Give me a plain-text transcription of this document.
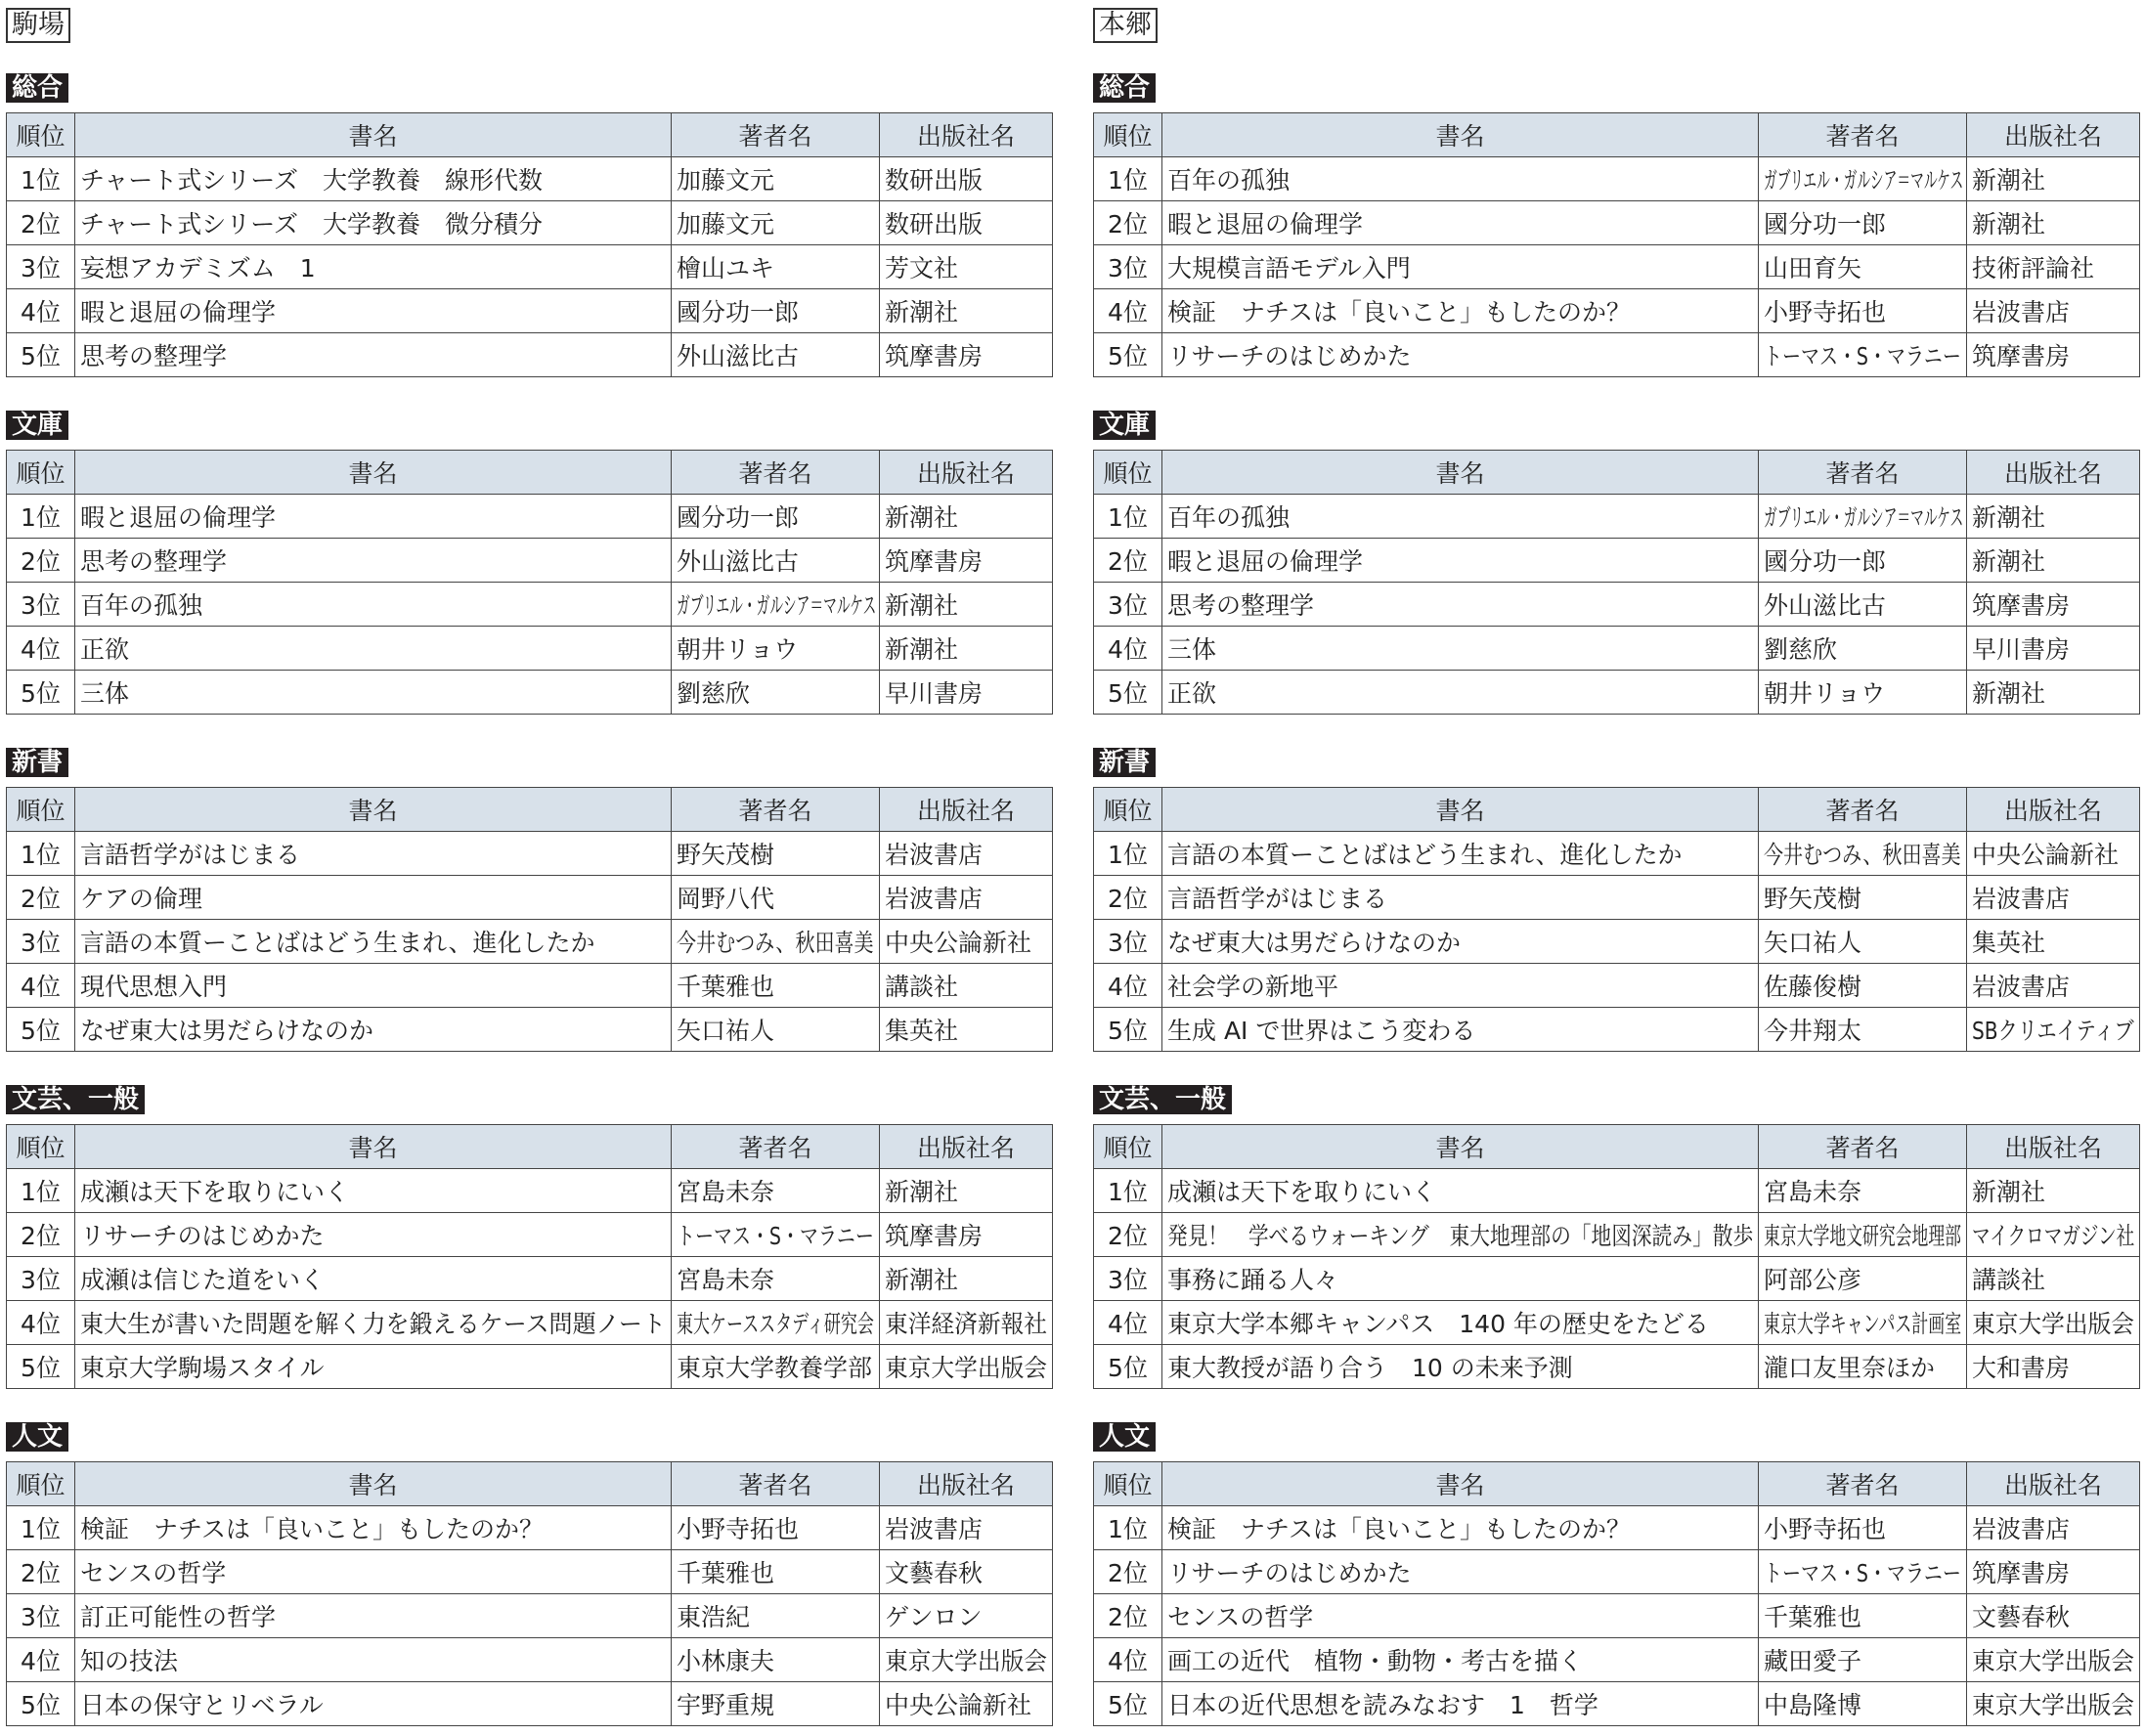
駒場
総合
順位	書名	著者名	出版社名
1位	チャート式シリーズ　大学教養　線形代数	加藤文元	数研出版
2位	チャート式シリーズ　大学教養　微分積分	加藤文元	数研出版
3位	妄想アカデミズム　1	檜山ユキ	芳文社
4位	暇と退屈の倫理学	國分功一郎	新潮社
5位	思考の整理学	外山滋比古	筑摩書房
文庫
順位	書名	著者名	出版社名
1位	暇と退屈の倫理学	國分功一郎	新潮社
2位	思考の整理学	外山滋比古	筑摩書房
3位	百年の孤独	ガブリエル・ガルシア＝マルケス	新潮社
4位	正欲	朝井リョウ	新潮社
5位	三体	劉慈欣	早川書房
新書
順位	書名	著者名	出版社名
1位	言語哲学がはじまる	野矢茂樹	岩波書店
2位	ケアの倫理	岡野八代	岩波書店
3位	言語の本質ーことばはどう生まれ、進化したか	今井むつみ、秋田喜美	中央公論新社
4位	現代思想入門	千葉雅也	講談社
5位	なぜ東大は男だらけなのか	矢口祐人	集英社
文芸、一般
順位	書名	著者名	出版社名
1位	成瀬は天下を取りにいく	宮島未奈	新潮社
2位	リサーチのはじめかた	トーマス・S・マラニー	筑摩書房
3位	成瀬は信じた道をいく	宮島未奈	新潮社
4位	東大生が書いた問題を解く力を鍛えるケース問題ノート	東大ケーススタディ研究会	東洋経済新報社
5位	東京大学駒場スタイル	東京大学教養学部	東京大学出版会
人文
順位	書名	著者名	出版社名
1位	検証　ナチスは「良いこと」もしたのか？	小野寺拓也	岩波書店
2位	センスの哲学	千葉雅也	文藝春秋
3位	訂正可能性の哲学	東浩紀	ゲンロン
4位	知の技法	小林康夫	東京大学出版会
5位	日本の保守とリベラル	宇野重規	中央公論新社
本郷
総合
順位	書名	著者名	出版社名
1位	百年の孤独	ガブリエル・ガルシア＝マルケス	新潮社
2位	暇と退屈の倫理学	國分功一郎	新潮社
3位	大規模言語モデル入門	山田育矢	技術評論社
4位	検証　ナチスは「良いこと」もしたのか？	小野寺拓也	岩波書店
5位	リサーチのはじめかた	トーマス・S・マラニー	筑摩書房
文庫
順位	書名	著者名	出版社名
1位	百年の孤独	ガブリエル・ガルシア＝マルケス	新潮社
2位	暇と退屈の倫理学	國分功一郎	新潮社
3位	思考の整理学	外山滋比古	筑摩書房
4位	三体	劉慈欣	早川書房
5位	正欲	朝井リョウ	新潮社
新書
順位	書名	著者名	出版社名
1位	言語の本質ーことばはどう生まれ、進化したか	今井むつみ、秋田喜美	中央公論新社
2位	言語哲学がはじまる	野矢茂樹	岩波書店
3位	なぜ東大は男だらけなのか	矢口祐人	集英社
4位	社会学の新地平	佐藤俊樹	岩波書店
5位	生成 AI で世界はこう変わる	今井翔太	SBクリエイティブ
文芸、一般
順位	書名	著者名	出版社名
1位	成瀬は天下を取りにいく	宮島未奈	新潮社
2位	発見！　学べるウォーキング　東大地理部の「地図深読み」散歩	東京大学地文研究会地理部	マイクロマガジン社
3位	事務に踊る人々	阿部公彦	講談社
4位	東京大学本郷キャンパス　140 年の歴史をたどる	東京大学キャンパス計画室	東京大学出版会
5位	東大教授が語り合う　10 の未来予測	瀧口友里奈ほか	大和書房
人文
順位	書名	著者名	出版社名
1位	検証　ナチスは「良いこと」もしたのか？	小野寺拓也	岩波書店
2位	リサーチのはじめかた	トーマス・S・マラニー	筑摩書房
2位	センスの哲学	千葉雅也	文藝春秋
4位	画工の近代　植物・動物・考古を描く	藏田愛子	東京大学出版会
5位	日本の近代思想を読みなおす　1　哲学	中島隆博	東京大学出版会
